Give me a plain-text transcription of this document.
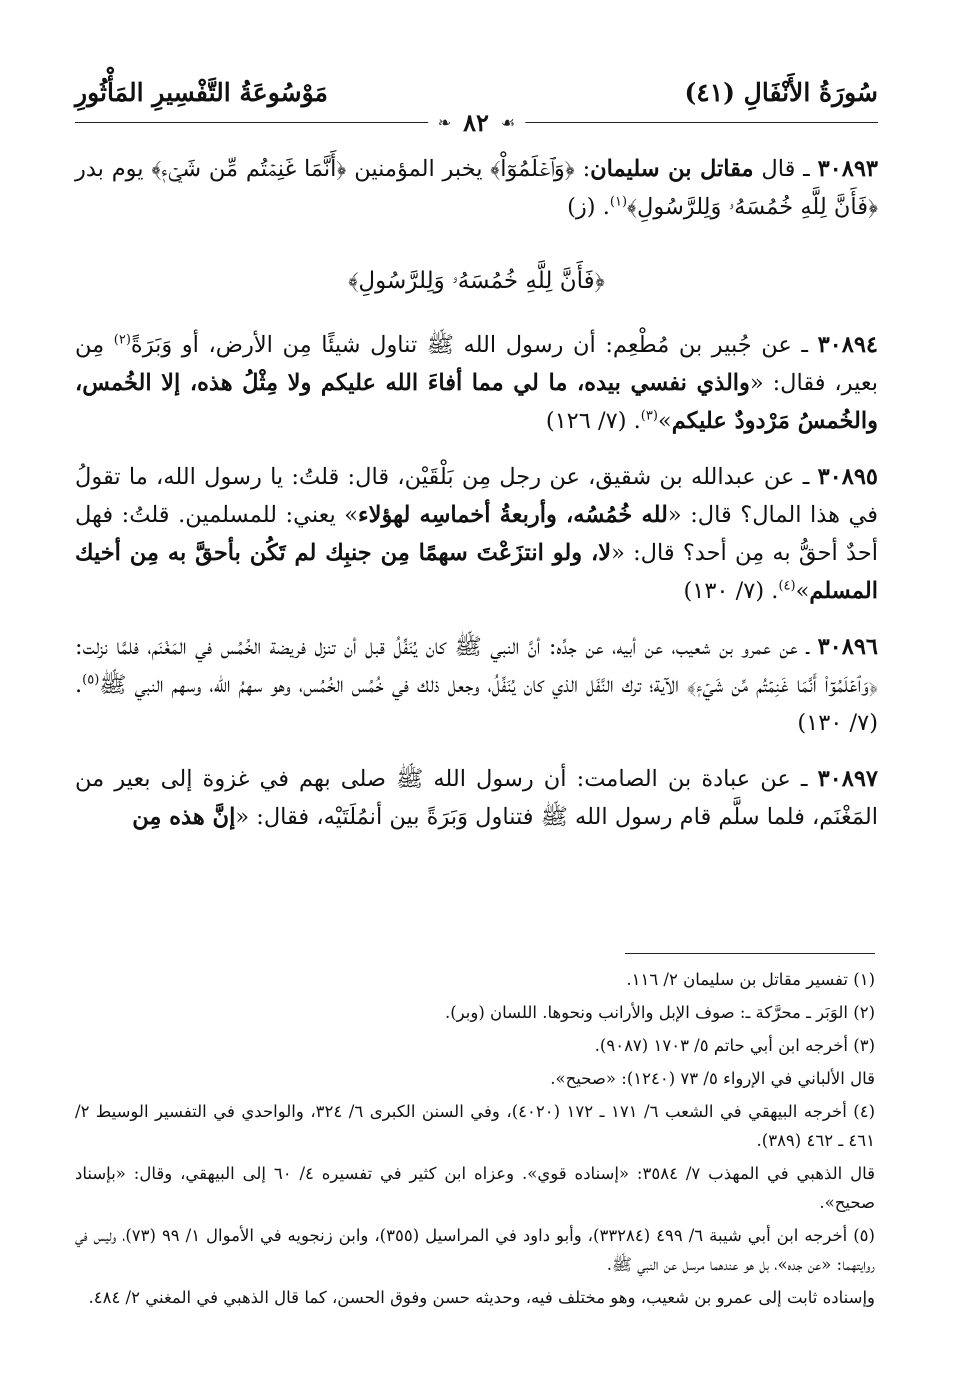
سُورَةُ الأَنْفَالِ (٤١)
مَوْسُوعَةُ التَّفْسِيرِ المَأْثُورِ
❧ ٨٢ ☙

٣٠٨٩٣ ـ قال مقاتل بن سليمان: ﴿وَٱعۡلَمُوٓاْ﴾ يخبر المؤمنين ﴿أَنَّمَا غَنِمۡتُم مِّن شَيۡءٖ﴾ يوم بدر ﴿فَأَنَّ لِلَّهِ خُمُسَهُۥ وَلِلرَّسُولِ﴾$^{(١)}$. (ز)

﴿فَأَنَّ لِلَّهِ خُمُسَهُۥ وَلِلرَّسُولِ﴾

٣٠٨٩٤ ـ عن جُبير بن مُطْعِم: أن رسول الله ﷺ تناول شيئًا مِن الأرض، أو وَبَرَةً$^{(٢)}$ مِن بعير، فقال: «والذي نفسي بيده، ما لي مما أفاءَ الله عليكم ولا مِثْلُ هذه، إلا الخُمس، والخُمسُ مَرْدودٌ عليكم»$^{(٣)}$. (٧/ ١٢٦)

٣٠٨٩٥ ـ عن عبدالله بن شقيق، عن رجل مِن بَلْقَيْن، قال: قلتُ: يا رسول الله، ما تقولُ في هذا المال؟ قال: «لله خُمُسُه، وأربعةُ أخماسِه لهؤلاء» يعني: للمسلمين. قلتُ: فهل أحدٌ أحقُّ به مِن أحد؟ قال: «لا، ولو انتزَعْتَ سهمًا مِن جنبِك لم تَكُن بأحقَّ به مِن أخيك المسلم»$^{(٤)}$. (٧/ ١٣٠)

٣٠٨٩٦ ـ عن عمرو بن شعيب، عن أبيه، عن جدِّه: أنَّ النبي ﷺ كان يُنَفِّلُ قبل أن تنزل فريضة الخُمُس في المَغْنَم، فلمَّا نزلت: ﴿وَٱعۡلَمُوٓاْ أَنَّمَا غَنِمۡتُم مِّن شَيۡءٖ﴾ الآية؛ ترك النَّفَل الذي كان يُنَفِّلُ، وجعل ذلك في خُمُس الخُمُس، وهو سهمُ الله، وسهم النبي ﷺ$^{(٥)}$. (٧/ ١٣٠)

٣٠٨٩٧ ـ عن عبادة بن الصامت: أن رسول الله ﷺ صلى بهم في غزوة إلى بعير من المَغْنَم، فلما سلَّم قام رسول الله ﷺ فتناول وَبَرَةً بين أنمُلَتَيْه، فقال: «إنَّ هذه مِن

(١) تفسير مقاتل بن سليمان ٢/ ١١٦.
(٢) الوَبَر ـ محرَّكة ـ: صوف الإبل والأرانب ونحوها. اللسان (وبر).
(٣) أخرجه ابن أبي حاتم ٥/ ١٧٠٣ (٩٠٨٧).
قال الألباني في الإرواء ٥/ ٧٣ (١٢٤٠): «صحيح».
(٤) أخرجه البيهقي في الشعب ٦/ ١٧١ ـ ١٧٢ (٤٠٢٠)، وفي السنن الكبرى ٦/ ٣٢٤، والواحدي في التفسير الوسيط ٢/ ٤٦١ ـ ٤٦٢ (٣٨٩).
قال الذهبي في المهذب ٧/ ٣٥٨٤: «إسناده قوي». وعزاه ابن كثير في تفسيره ٤/ ٦٠ إلى البيهقي، وقال: «بإسناد صحيح».
(٥) أخرجه ابن أبي شيبة ٦/ ٤٩٩ (٣٣٢٨٤)، وأبو داود في المراسيل (٣٥٥)، وابن زنجويه في الأموال ١/ ٩٩ (٧٣)، وليس في روايتهما: «عن جده»، بل هو عندهما مرسل عن النبي ﷺ.
وإسناده ثابت إلى عمرو بن شعيب، وهو مختلف فيه، وحديثه حسن وفوق الحسن، كما قال الذهبي في المغني ٢/ ٤٨٤.
